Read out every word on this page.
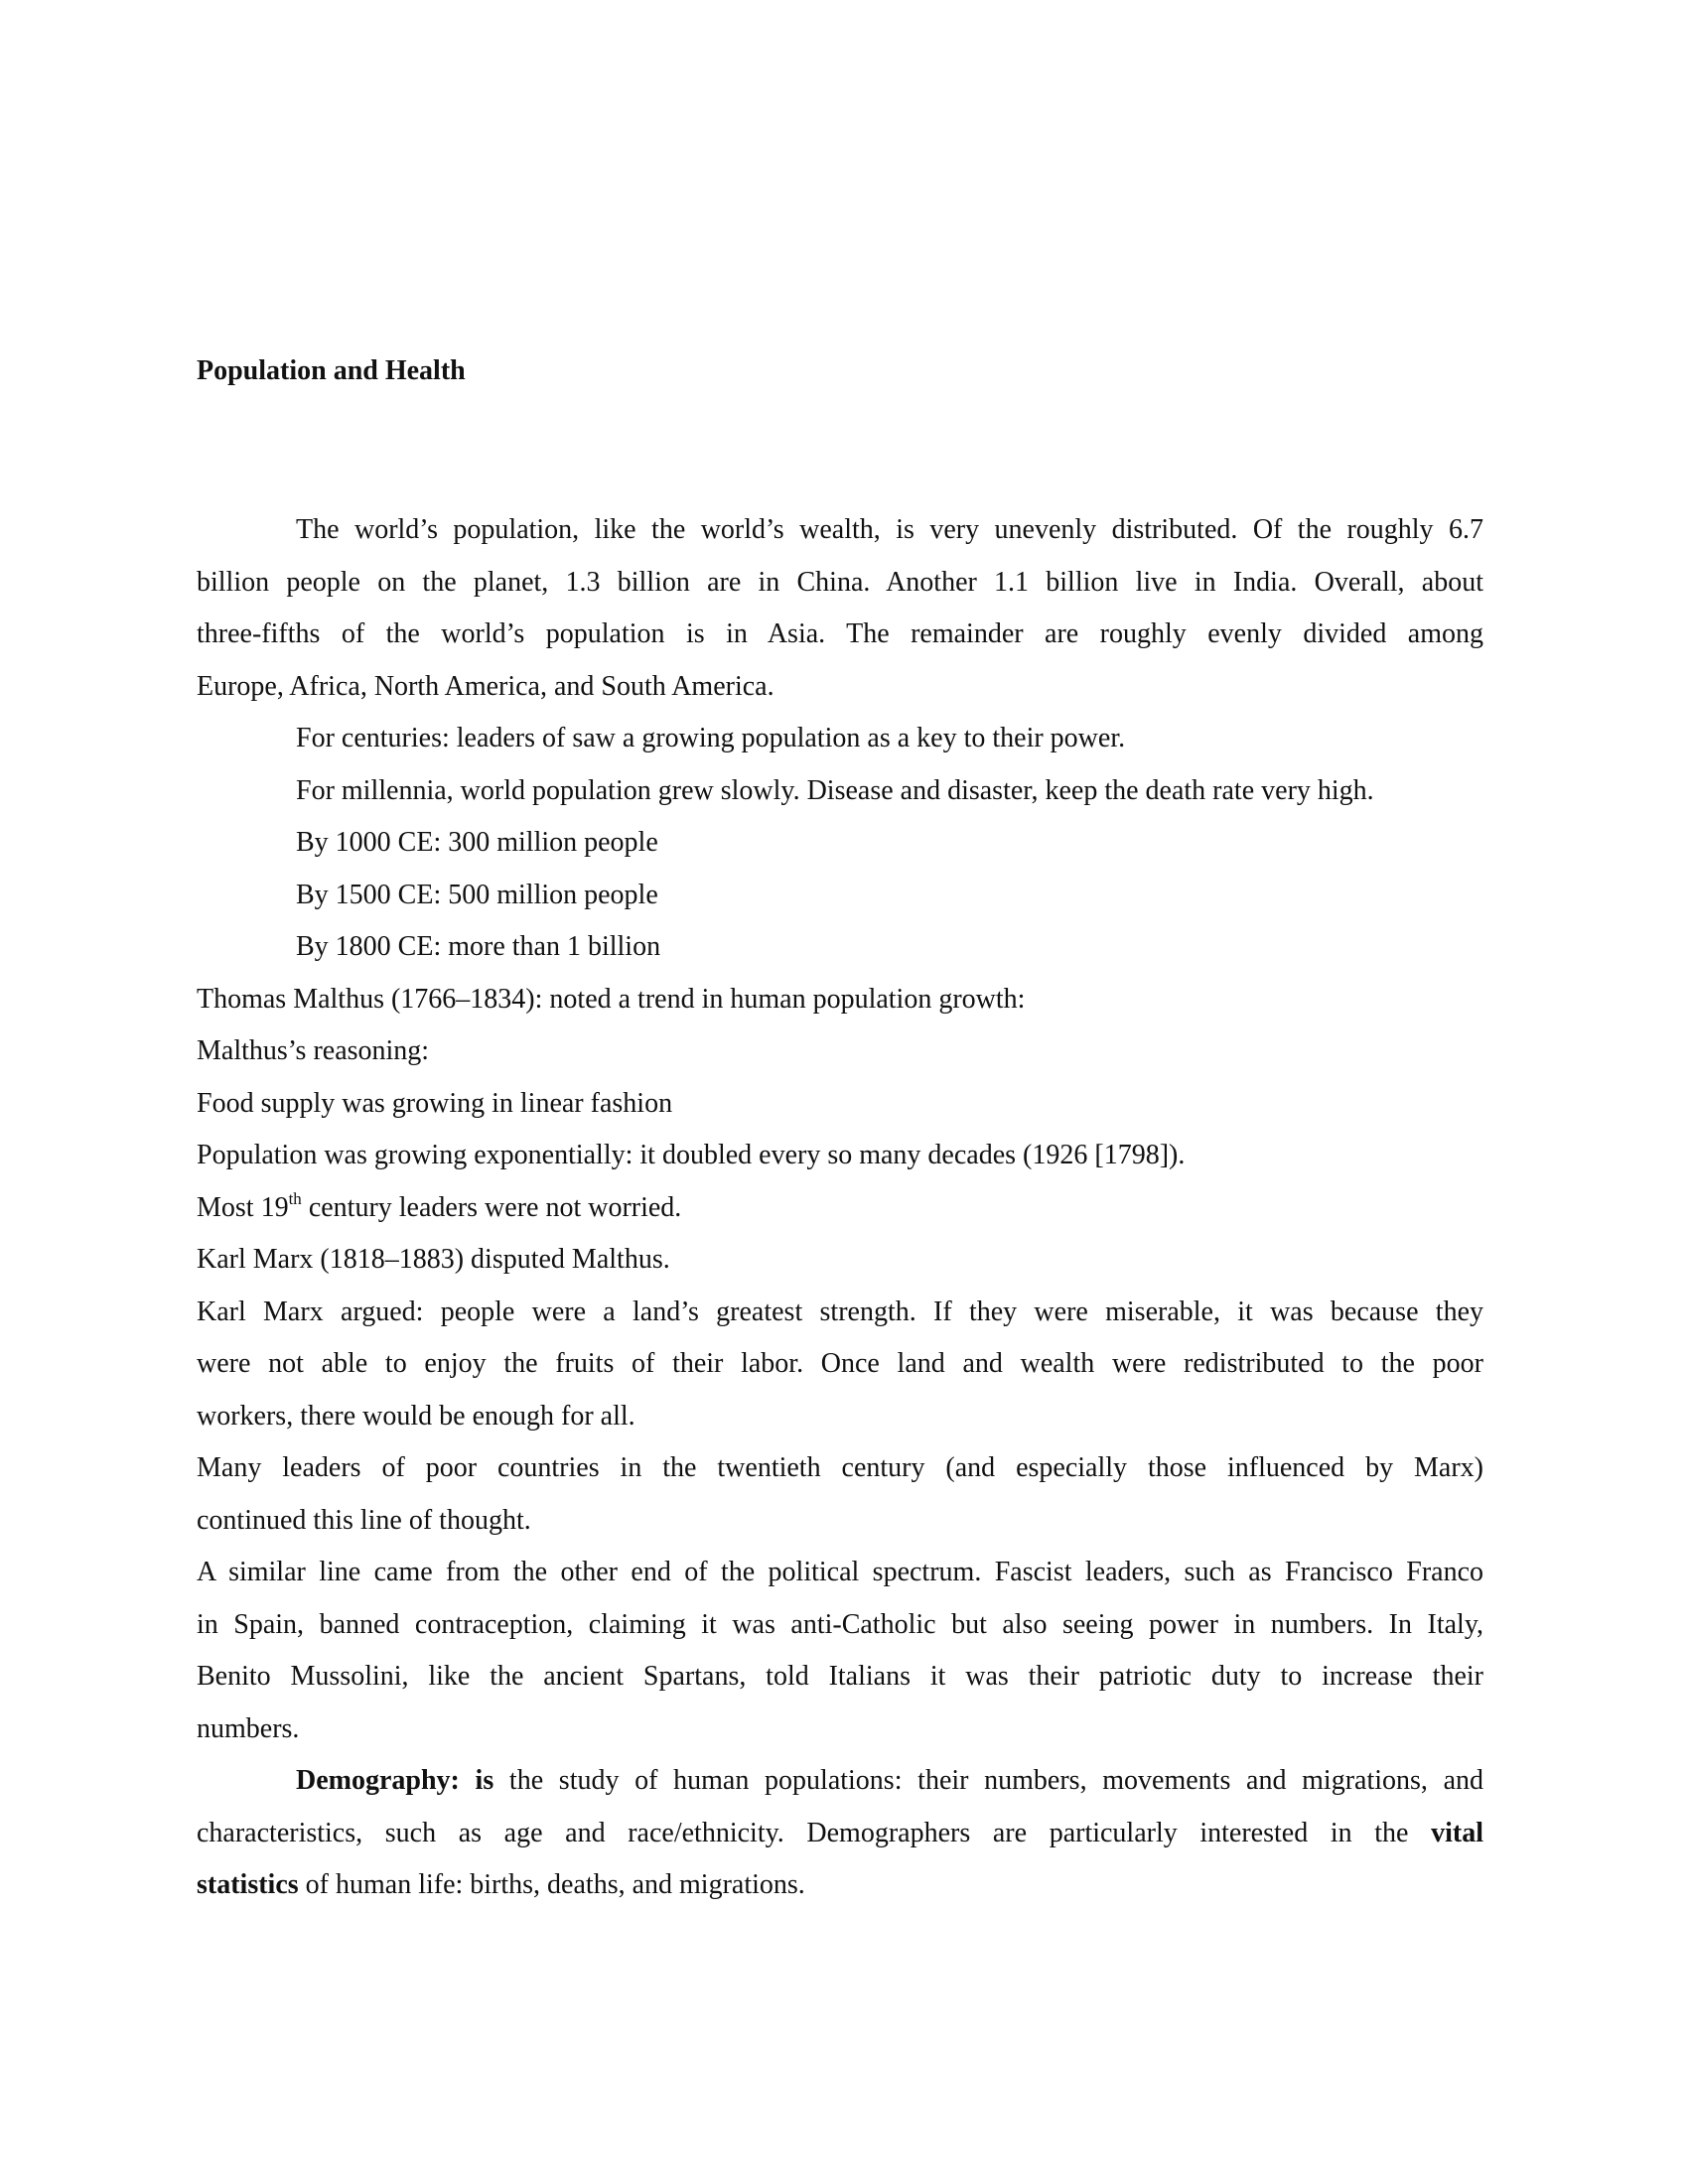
Population and Health
The world’s population, like the world’s wealth, is very unevenly distributed. Of the roughly 6.7
billion people on the planet, 1.3 billion are in China. Another 1.1 billion live in India. Overall, about
three-fifths of the world’s population is in Asia. The remainder are roughly evenly divided among
Europe, Africa, North America, and South America.
For centuries: leaders of saw a growing population as a key to their power.
For millennia, world population grew slowly. Disease and disaster, keep the death rate very high.
By 1000 CE: 300 million people
By 1500 CE: 500 million people
By 1800 CE: more than 1 billion
Thomas Malthus (1766–1834): noted a trend in human population growth:
Malthus’s reasoning:
Food supply was growing in linear fashion
Population was growing exponentially: it doubled every so many decades (1926 [1798]).
Most 19th century leaders were not worried.
Karl Marx (1818–1883) disputed Malthus.
Karl Marx argued: people were a land’s greatest strength. If they were miserable, it was because they
were not able to enjoy the fruits of their labor. Once land and wealth were redistributed to the poor
workers, there would be enough for all.
Many leaders of poor countries in the twentieth century (and especially those influenced by Marx)
continued this line of thought.
A similar line came from the other end of the political spectrum. Fascist leaders, such as Francisco Franco
in Spain, banned contraception, claiming it was anti-Catholic but also seeing power in numbers. In Italy,
Benito Mussolini, like the ancient Spartans, told Italians it was their patriotic duty to increase their
numbers.
Demography: is the study of human populations: their numbers, movements and migrations, and
characteristics, such as age and race/ethnicity. Demographers are particularly interested in the vital
statistics of human life: births, deaths, and migrations.
